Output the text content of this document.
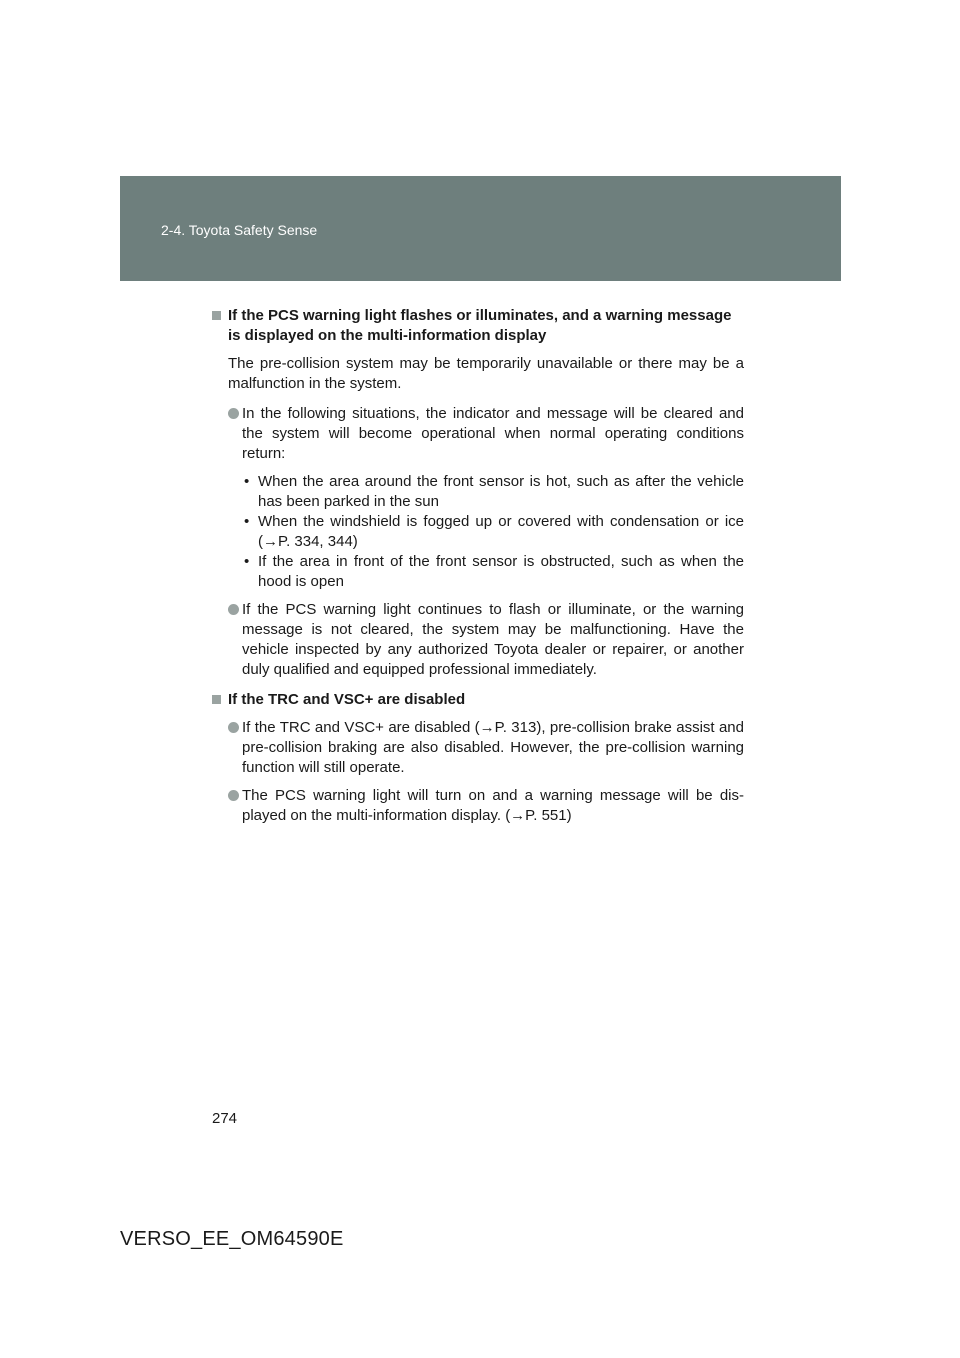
2-4. Toyota Safety Sense
If the PCS warning light flashes or illuminates, and a warning message is displayed on the multi-information display
The pre-collision system may be temporarily unavailable or there may be a malfunction in the system.
In the following situations, the indicator and message will be cleared and the system will become operational when normal operating conditions return:
• When the area around the front sensor is hot, such as after the vehicle has been parked in the sun
• When the windshield is fogged up or covered with condensation or ice (→P. 334, 344)
• If the area in front of the front sensor is obstructed, such as when the hood is open
If the PCS warning light continues to flash or illuminate, or the warning message is not cleared, the system may be malfunctioning. Have the vehicle inspected by any authorized Toyota dealer or repairer, or another duly qualified and equipped professional immediately.
If the TRC and VSC+ are disabled
If the TRC and VSC+ are disabled (→P. 313), pre-collision brake assist and pre-collision braking are also disabled. However, the pre-collision warning function will still operate.
The PCS warning light will turn on and a warning message will be dis-played on the multi-information display. (→P. 551)
274
VERSO_EE_OM64590E
